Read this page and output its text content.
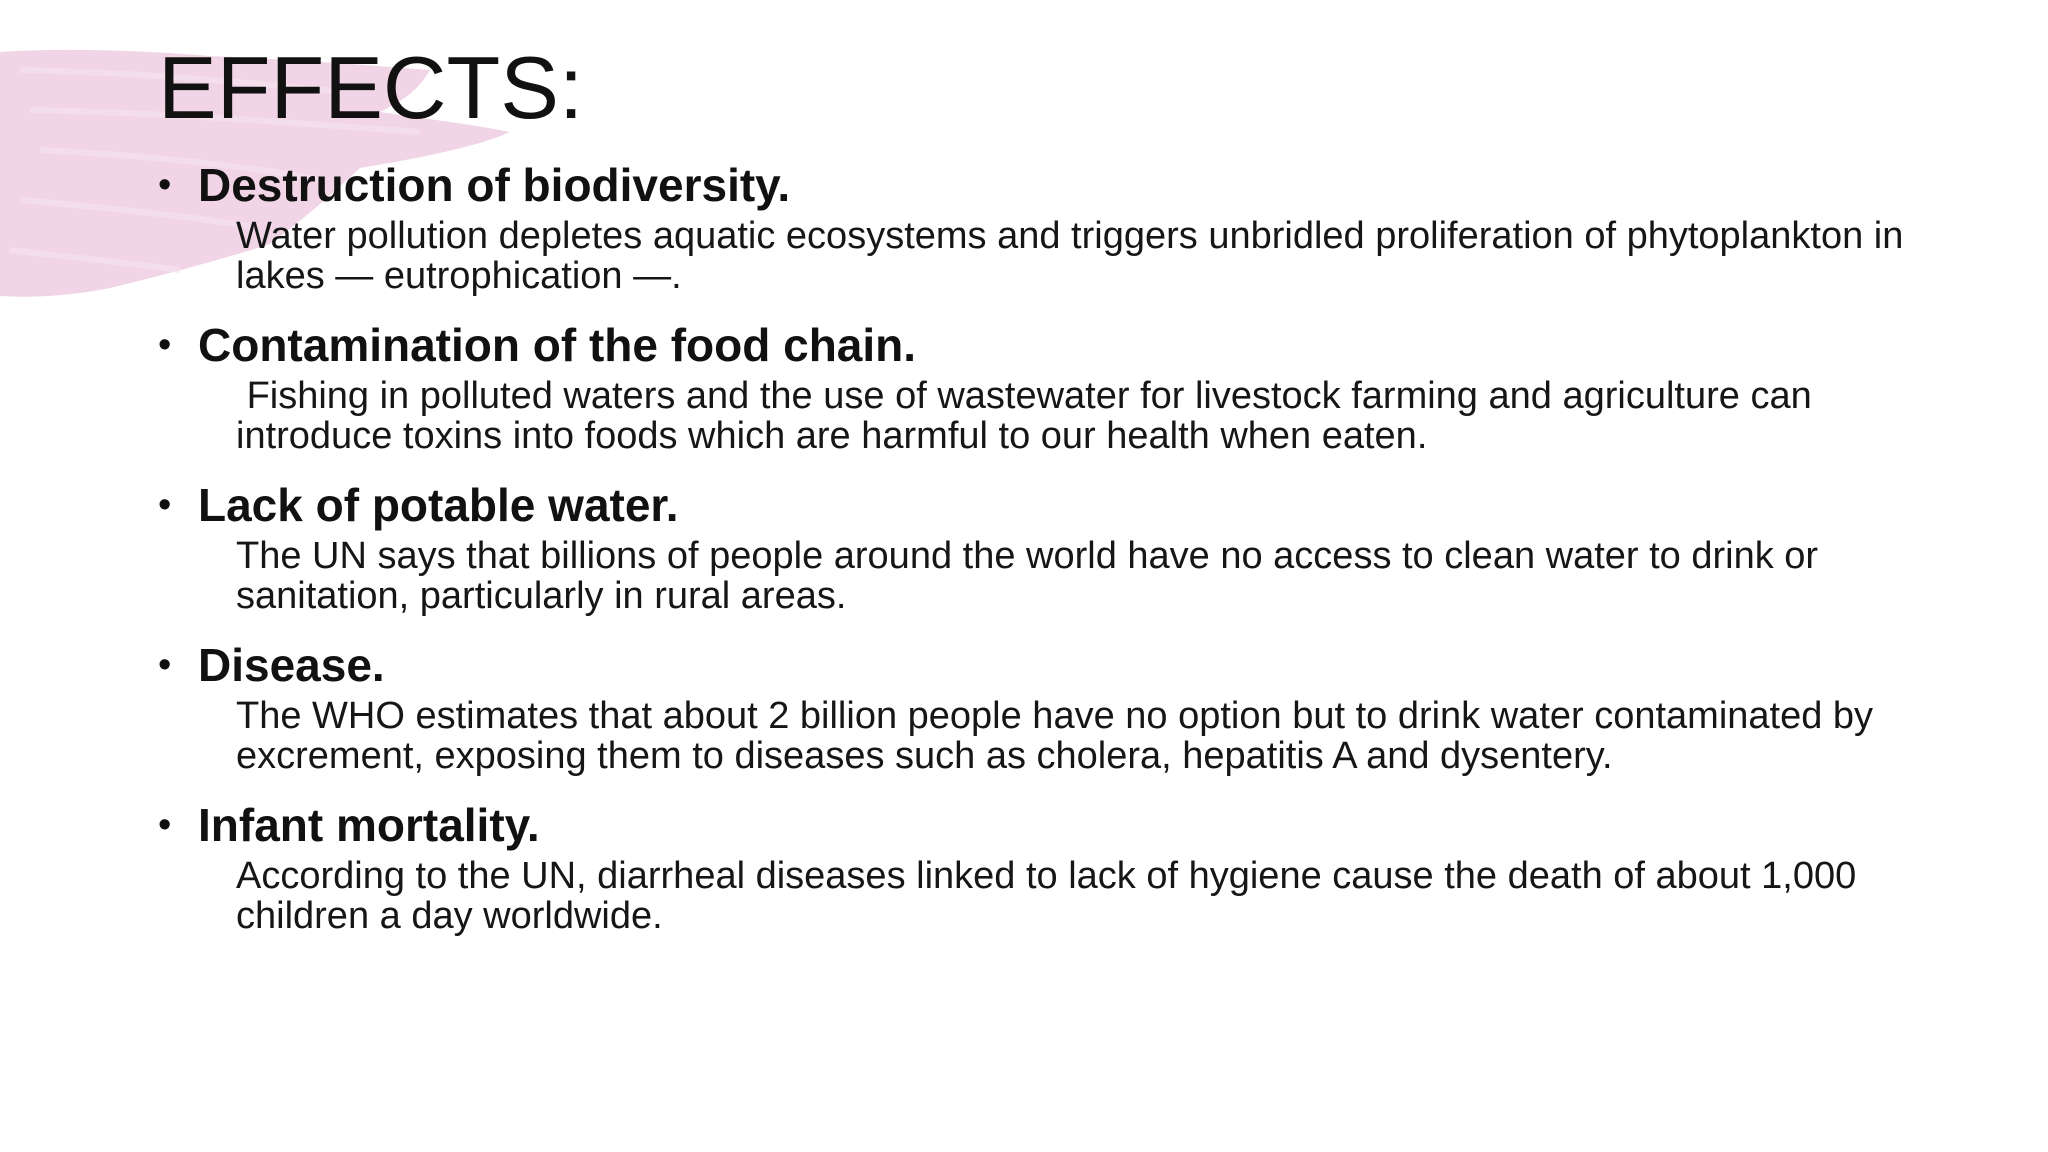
EFFECTS:

• Destruction of biodiversity.

Water pollution depletes aquatic ecosystems and triggers unbridled proliferation of phytoplankton in lakes — eutrophication —.

• Contamination of the food chain.

Fishing in polluted waters and the use of wastewater for livestock farming and agriculture can introduce toxins into foods which are harmful to our health when eaten.

• Lack of potable water.

The UN says that billions of people around the world have no access to clean water to drink or sanitation, particularly in rural areas.

• Disease.

The WHO estimates that about 2 billion people have no option but to drink water contaminated by excrement, exposing them to diseases such as cholera, hepatitis A and dysentery.

• Infant mortality.

According to the UN, diarrheal diseases linked to lack of hygiene cause the death of about 1,000 children a day worldwide.
